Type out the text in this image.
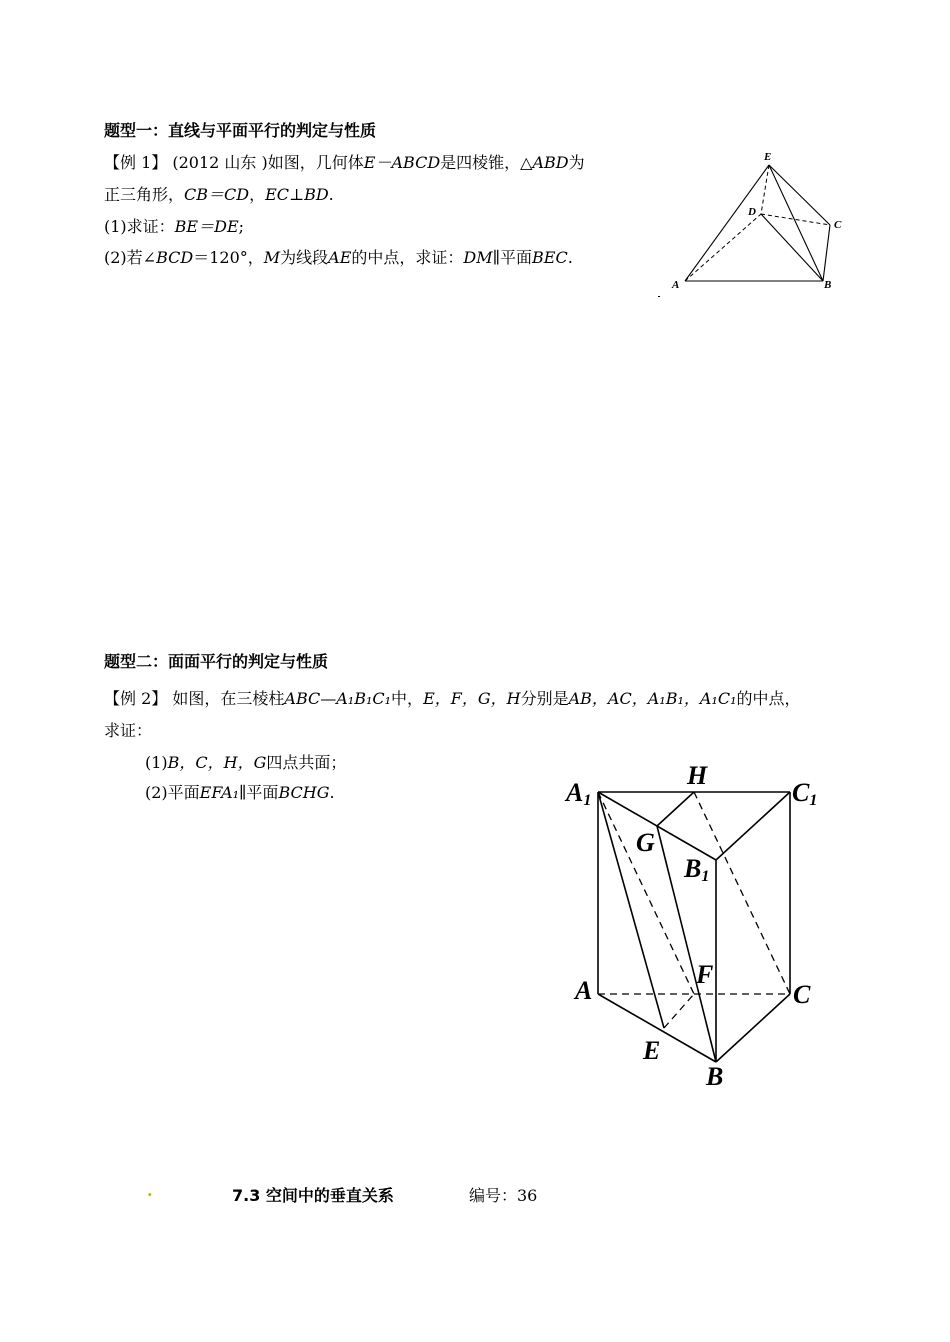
题型一：直线与平面平行的判定与性质
【例 1】 (2012 山东 )如图，几何体E－ABCD是四棱锥，△ABD为
正三角形，CB＝CD，EC⊥BD.
(1)求证：BE＝DE;
(2)若∠BCD＝120°，M为线段AE的中点，求证：DM∥平面BEC.
E
D
C
A	B
题型二：面面平行的判定与性质
【例 2】 如图，在三棱柱ABC—A₁B₁C₁中，E，F，G，H分别是AB，AC，A₁B₁，A₁C₁的中点，
求证：
(1)B，C，H，G四点共面；
(2)平面EFA₁∥平面BCHG.	A1
H
C1
G
B1
A
F
C
E
B
.	7.3 空间中的垂直关系	编号：36
